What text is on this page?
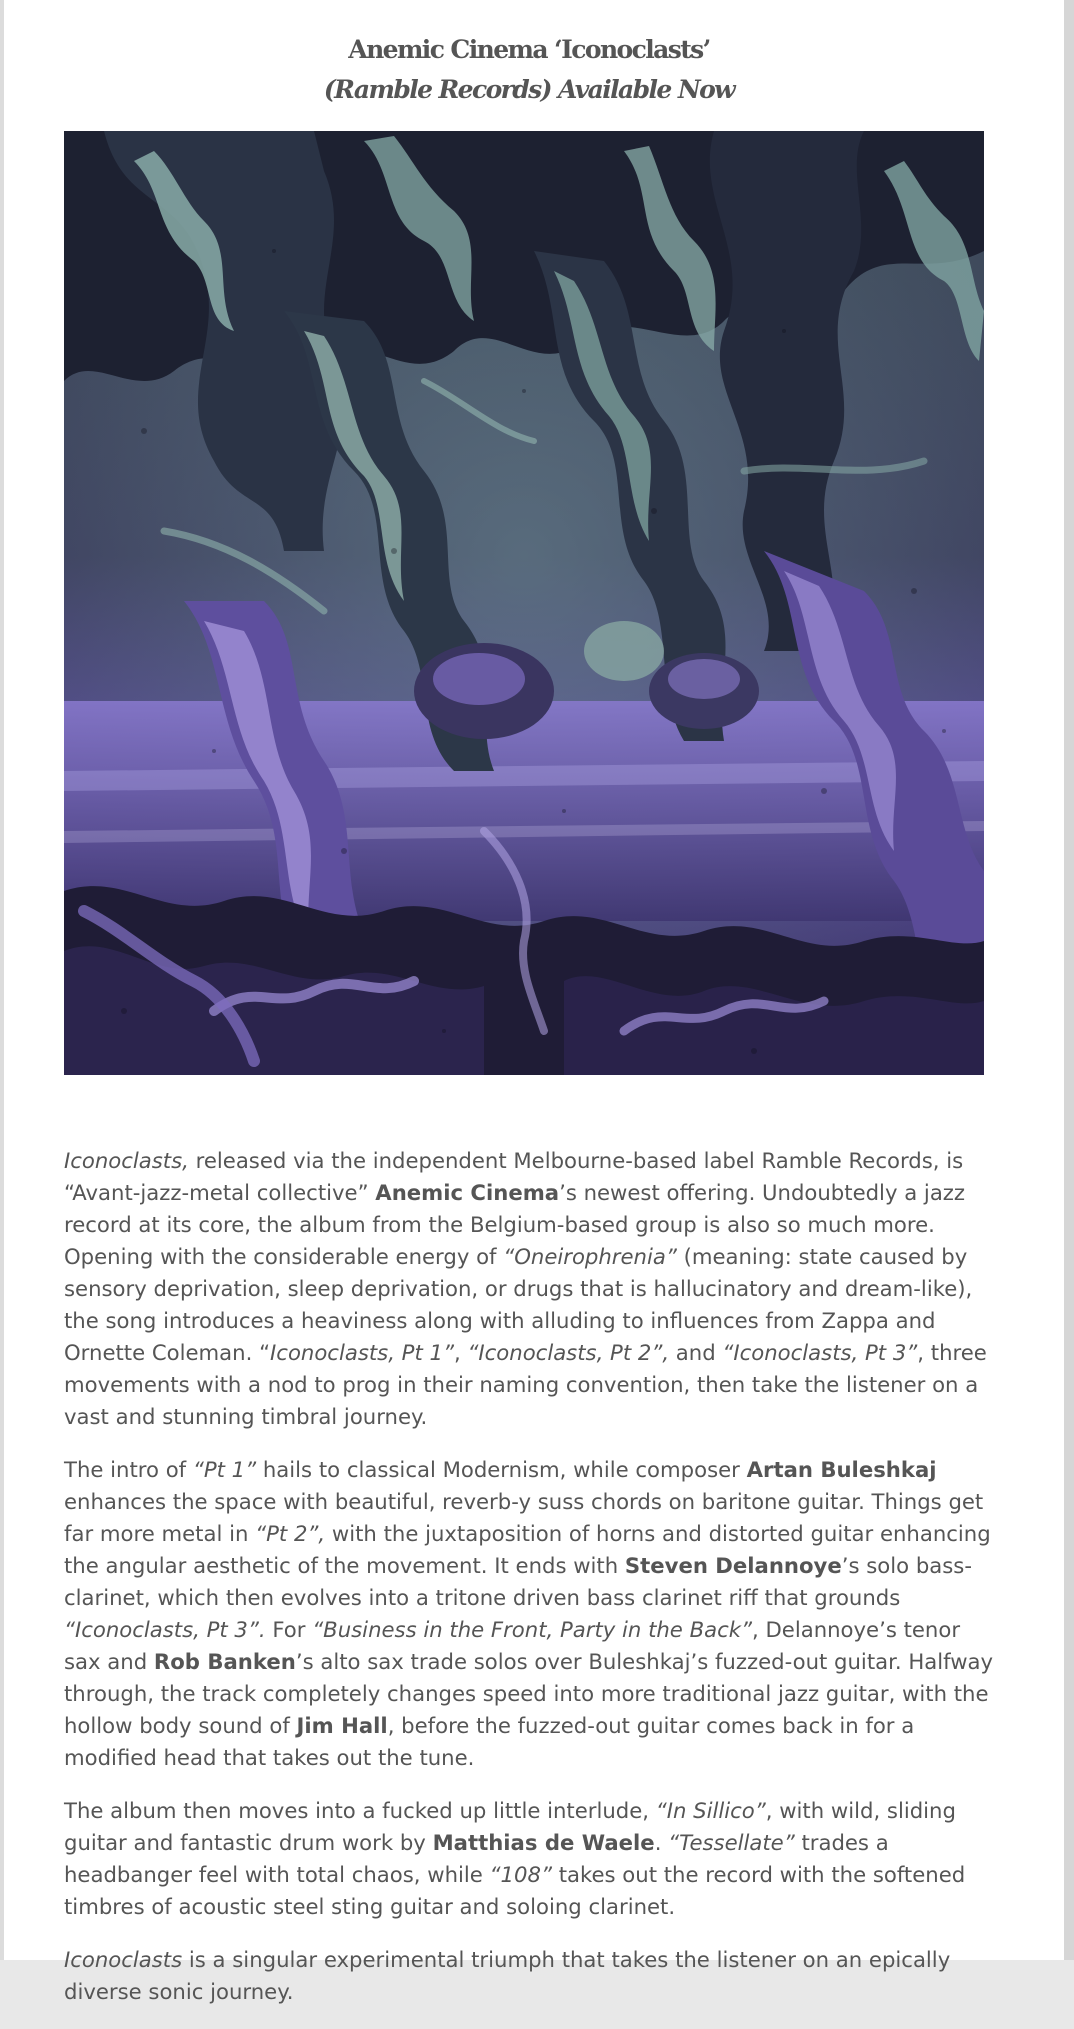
Anemic Cinema ‘Iconoclasts’
(Ramble Records) Available Now

Iconoclasts, released via the independent Melbourne-based label Ramble Records, is “Avant-jazz-metal collective” Anemic Cinema’s newest offering. Undoubtedly a jazz record at its core, the album from the Belgium-based group is also so much more. Opening with the considerable energy of “Oneirophrenia” (meaning: state caused by sensory deprivation, sleep deprivation, or drugs that is hallucinatory and dream-like), the song introduces a heaviness along with alluding to influences from Zappa and Ornette Coleman. “Iconoclasts, Pt 1”, “Iconoclasts, Pt 2”, and “Iconoclasts, Pt 3”, three movements with a nod to prog in their naming convention, then take the listener on a vast and stunning timbral journey.

The intro of “Pt 1” hails to classical Modernism, while composer Artan Buleshkaj enhances the space with beautiful, reverb-y suss chords on baritone guitar. Things get far more metal in “Pt 2”, with the juxtaposition of horns and distorted guitar enhancing the angular aesthetic of the movement. It ends with Steven Delannoye’s solo bass-clarinet, which then evolves into a tritone driven bass clarinet riff that grounds “Iconoclasts, Pt 3”. For “Business in the Front, Party in the Back”, Delannoye’s tenor sax and Rob Banken’s alto sax trade solos over Buleshkaj’s fuzzed-out guitar. Halfway through, the track completely changes speed into more traditional jazz guitar, with the hollow body sound of Jim Hall, before the fuzzed-out guitar comes back in for a modified head that takes out the tune.

The album then moves into a fucked up little interlude, “In Sillico”, with wild, sliding guitar and fantastic drum work by Matthias de Waele. “Tessellate” trades a headbanger feel with total chaos, while “108” takes out the record with the softened timbres of acoustic steel sting guitar and soloing clarinet.

Iconoclasts is a singular experimental triumph that takes the listener on an epically diverse sonic journey.
